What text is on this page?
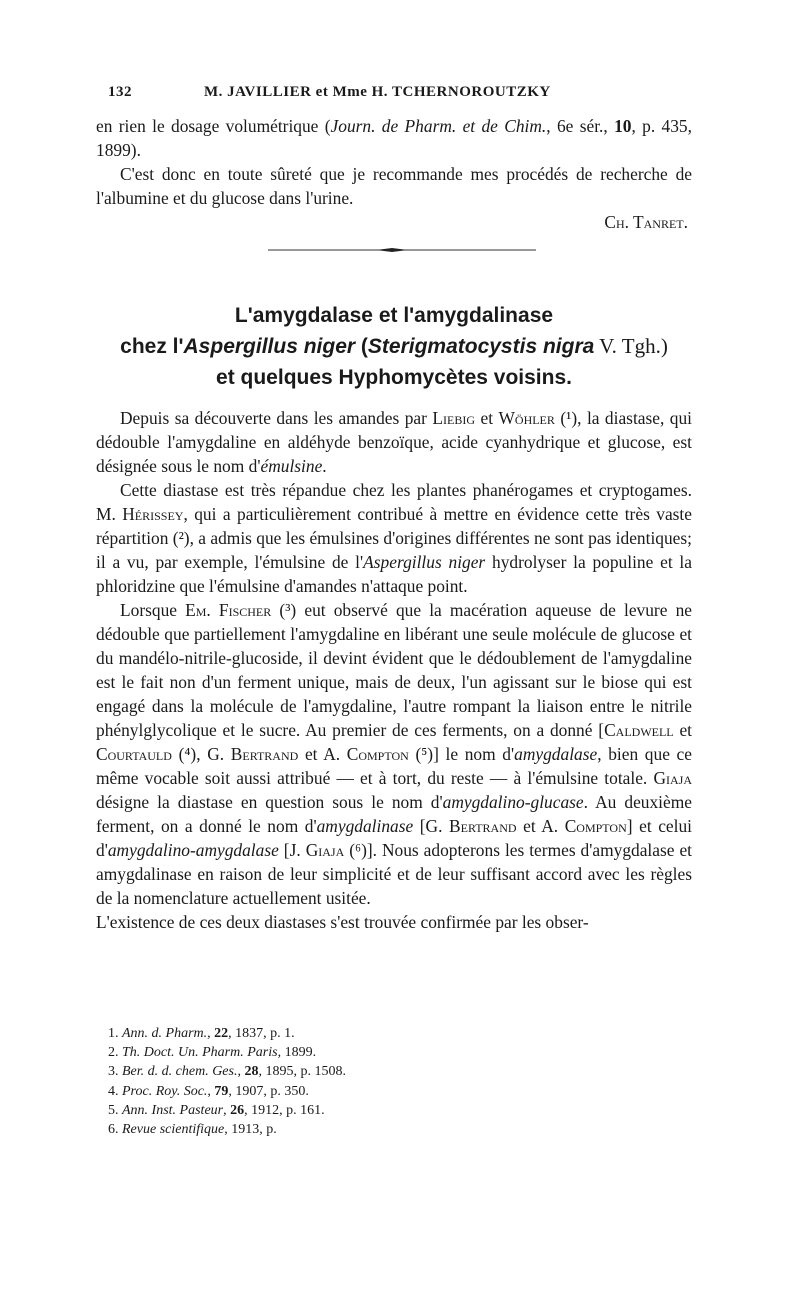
132	M. JAVILLIER et Mme H. TCHERNOROUTZKY

en rien le dosage volumétrique (Journ. de Pharm. et de Chim., 6e sér., 10, p. 435, 1899).

C'est donc en toute sûreté que je recommande mes procédés de recherche de l'albumine et du glucose dans l'urine.

Ch. Tanret.

L'amygdalase et l'amygdalinase
chez l'Aspergillus niger (Sterigmatocystis nigra V. Tgh.)
et quelques Hyphomycètes voisins.

Depuis sa découverte dans les amandes par Liebig et Wöhler (¹), la diastase, qui dédouble l'amygdaline en aldéhyde benzoïque, acide cyanhydrique et glucose, est désignée sous le nom d'émulsine.

Cette diastase est très répandue chez les plantes phanérogames et cryptogames. M. Hérissey, qui a particulièrement contribué à mettre en évidence cette très vaste répartition (²), a admis que les émulsines d'origines différentes ne sont pas identiques; il a vu, par exemple, l'émulsine de l'Aspergillus niger hydrolyser la populine et la phloridzine que l'émulsine d'amandes n'attaque point.

Lorsque Em. Fischer (³) eut observé que la macération aqueuse de levure ne dédouble que partiellement l'amygdaline en libérant une seule molécule de glucose et du mandélo-nitrile-glucoside, il devint évident que le dédoublement de l'amygdaline est le fait non d'un ferment unique, mais de deux, l'un agissant sur le biose qui est engagé dans la molécule de l'amygdaline, l'autre rompant la liaison entre le nitrile phénylglycolique et le sucre. Au premier de ces ferments, on a donné [Caldwell et Courtauld (⁴), G. Bertrand et A. Compton (⁵)] le nom d'amygdalase, bien que ce même vocable soit aussi attribué — et à tort, du reste — à l'émulsine totale. Giaja désigne la diastase en question sous le nom d'amygdalino-glucase. Au deuxième ferment, on a donné le nom d'amygdalinase [G. Bertrand et A. Compton] et celui d'amygdalino-amygdalase [J. Giaja (⁶)]. Nous adopterons les termes d'amygdalase et amygdalinase en raison de leur simplicité et de leur suffisant accord avec les règles de la nomenclature actuellement usitée.

L'existence de ces deux diastases s'est trouvée confirmée par les obser-

1. Ann. d. Pharm., 22, 1837, p. 1.
2. Th. Doct. Un. Pharm. Paris, 1899.
3. Ber. d. d. chem. Ges., 28, 1895, p. 1508.
4. Proc. Roy. Soc., 79, 1907, p. 350.
5. Ann. Inst. Pasteur, 26, 1912, p. 161.
6. Revue scientifique, 1913, p.
